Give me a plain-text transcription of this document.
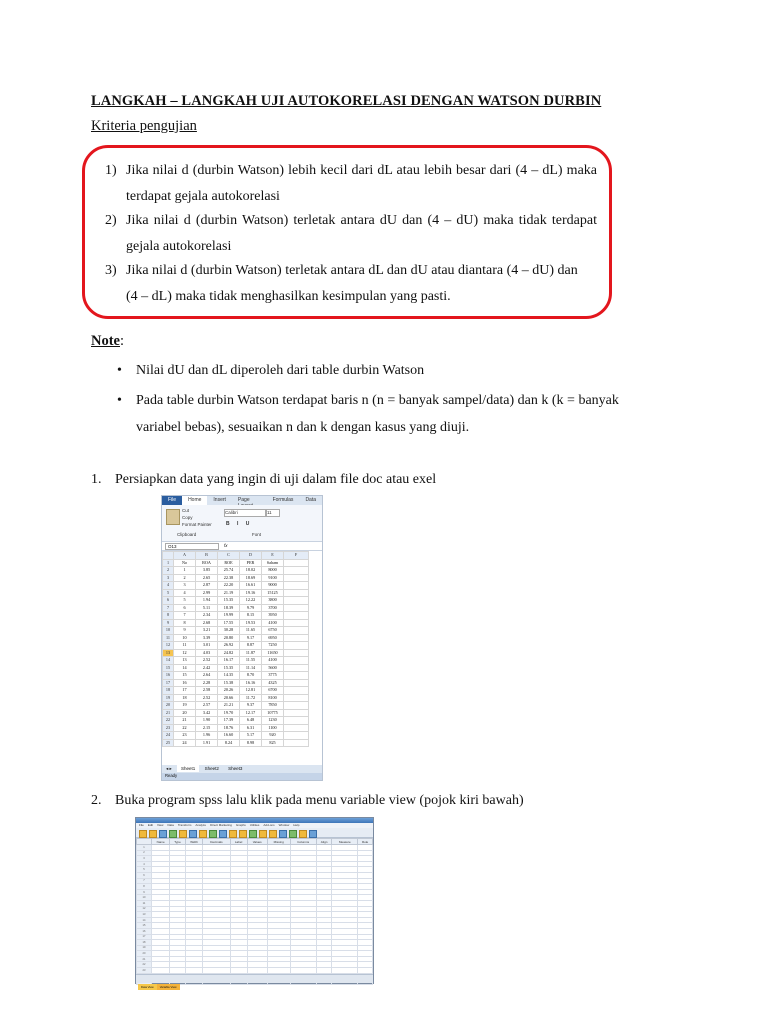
LANGKAH – LANGKAH UJI AUTOKORELASI DENGAN WATSON DURBIN
Kriteria pengujian
1) Jika nilai d (durbin Watson) lebih kecil dari dL atau lebih besar dari (4 – dL) maka terdapat gejala autokorelasi
2) Jika nilai d (durbin Watson) terletak antara dU dan (4 – dU) maka tidak terdapat gejala autokorelasi
3) Jika nilai d (durbin Watson) terletak antara dL dan dU atau diantara (4 – dU) dan
(4 – dL) maka tidak menghasilkan kesimpulan yang pasti.
Note:
• Nilai dU dan dL diperoleh dari table durbin Watson
• Pada table durbin Watson terdapat baris n (n = banyak sampel/data) dan k (k = banyak variabel bebas), sesuaikan n dan k dengan kasus yang diuji.
1. Persiapkan data yang ingin di uji dalam file doc atau exel
File	Home	Insert	Page	Formulas	Data
Cut
Copy
Format Painter
Calibri	11
B I U
Clipboard	Font
O13	fx
	A	B	C	D	E	F
1	No	ROA	ROE	PER	Saham	
2	1	3.85	25.74	18.02	8000	
3	2	2.65	22.38	18.69	9100	
4	3	2.87	22.20	16.61	9000	
5	4	2.99	21.19	19.16	15125	
6	5	1.94	15.35	12.22	3800	
7	6	5.11	18.39	9.79	3700	
8	7	2.34	19.99	8.15	3950	
9	8	2.68	17.55	19.53	4100	
10	9	3.21	30.28	11.65	6750	
11	10	3.39	20.80	9.17	6950	
12	11	3.01	26.92	8.87	7250	
13	12	4.03	24.82	11.87	11650	
14	13	2.52	16.17	11.55	4100	
15	14	2.42	15.35	11.14	5600	
16	15	2.64	14.35	8.70	3775	
17	16	2.28	15.38	16.16	4325	
18	17	2.58	20.26	12.81	6700	
19	18	2.52	20.66	11.72	8100	
20	19	2.57	21.21	9.37	7850	
21	20	3.42	19.70	12.17	10775	
22	21	1.90	17.39	6.48	1230	
23	22	2.15	18.76	6.31	1100	
24	23	1.96	16.60	5.17	920	
25	24	1.91	8.24	8.98	825	
◂ ▸ Sheet1 Sheet2 Sheet3
Ready
2. Buka program spss lalu klik pada menu variable view (pojok kiri bawah)
File Edit View Data Transform Analyze Direct Marketing Graphs Utilities Add-ons Window Help
	Name	Type	Width	Decimals	Label	Values	Missing	Columns	Align	Measure	Role
1											
2											
3											
4											
5											
6											
7											
8											
9											
10											
11											
12											
13											
14											
15											
16											
17											
18											
19											
20											
21											
22											
23											

Data View Variable View
